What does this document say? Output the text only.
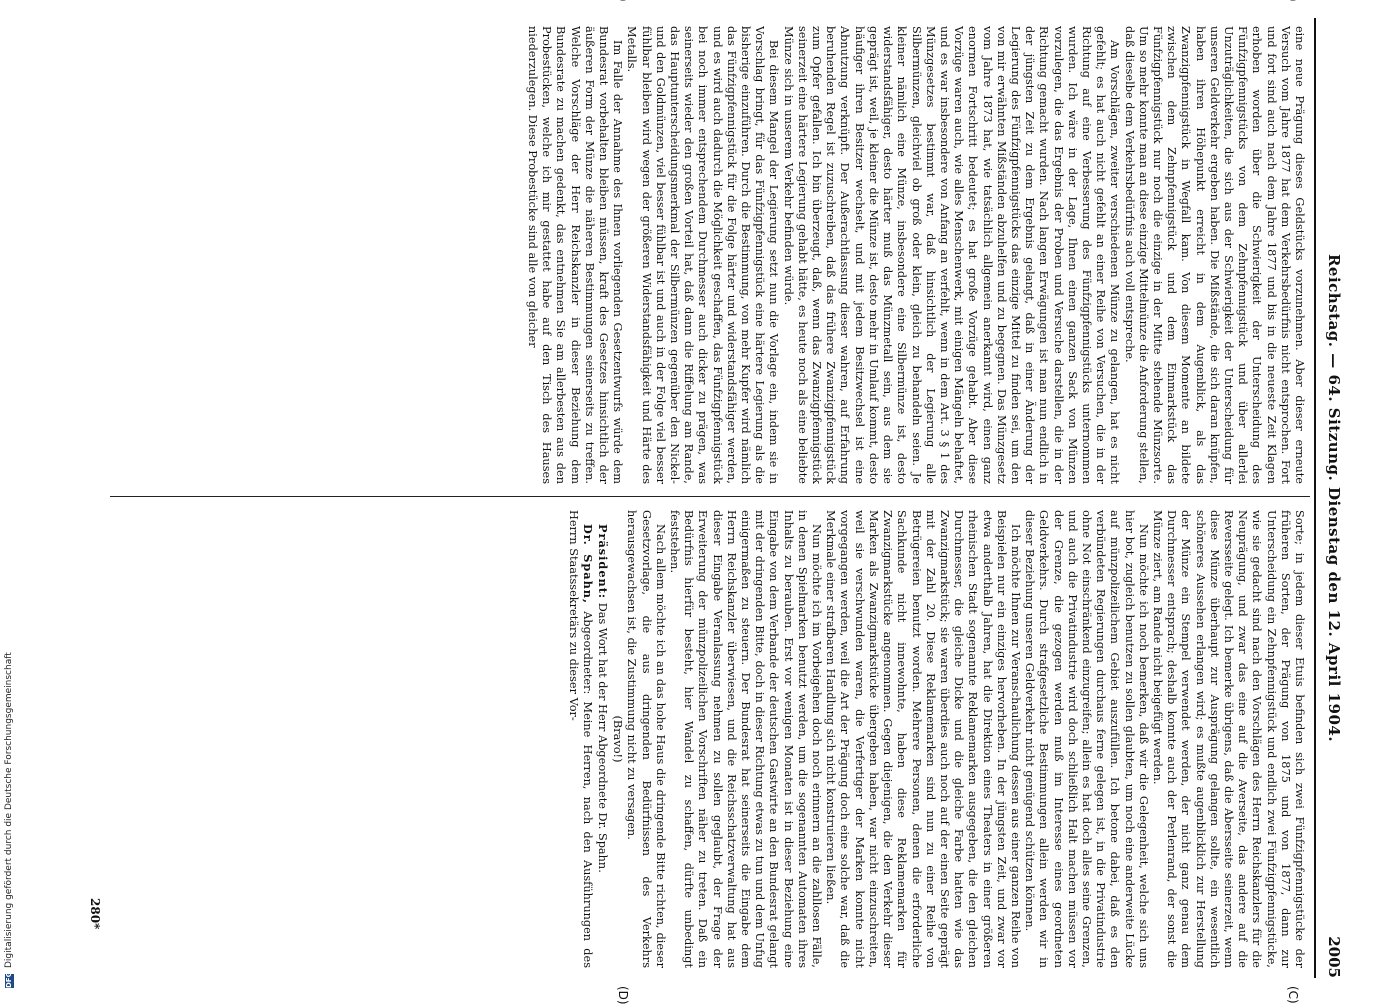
Reichstag. — 64. Sitzung. Dienstag den 12. April 1904.
2005
(C)
(D)

eine neue Prägung dieses Geldstücks vorzunehmen. Aber dieser erneute Versuch vom Jahre 1877 hat dem Verkehrsbedürfnis nicht entsprochen. Fort und fort sind auch nach dem Jahre 1877 und bis in die neueste Zeit Klagen erhoben worden über die Schwierigkeit der Unterscheidung des Fünfzigpfennigstücks von dem Zehnpfennigstück und über allerlei Unzuträglichkeiten, die sich aus der Schwierigkeit der Unterscheidung für unseren Geldverkehr ergeben haben. Die Mißstände, die sich daran knüpfen, haben ihren Höhepunkt erreicht in dem Augenblick, als das Zwanzigpfennigstück in Wegfall kam. Von diesem Momente an bildete zwischen dem Zehnpfennigstück und dem Einmarkstück das Fünfzigpfennigstück nur noch die einzige in der Mitte stehende Münzsorte. Um so mehr konnte man an diese einzige Mittelmünze die Anforderung stellen, daß dieselbe dem Verkehrsbedürfnis auch voll entspreche.

Am Vorschlägen, zweiter verschiedenen Münze zu gelangen, hat es nicht gefehlt; es hat auch nicht gefehlt an einer Reihe von Versuchen, die in der Richtung auf eine Verbesserung des Fünfzigpfennigstücks unternommen wurden. Ich wäre in der Lage, Ihnen einen ganzen Sack von Münzen vorzulegen, die das Ergebnis der Proben und Versuche darstellen, die in der Richtung gemacht wurden. Nach langen Erwägungen ist man nun endlich in der jüngsten Zeit zu dem Ergebnis gelangt, daß in einer Änderung der Legierung des Fünfzigpfennigstücks das einzige Mittel zu finden sei, um den von mir erwähnten Mißständen abzuhelfen und zu begegnen. Das Münzgesetz vom Jahre 1873 hat, wie tatsächlich allgemein anerkannt wird, einen ganz enormen Fortschritt bedeutet; es hat große Vorzüge gehabt. Aber diese Vorzüge waren auch, wie alles Menschenwerk, mit einigen Mängeln behaftet, und es war insbesondere von Anfang an verfehlt, wenn in dem Art. 3 § 1 des Münzgesetzes bestimmt war, daß hinsichtlich der Legierung alle Silbermünzen, gleichviel ob groß oder klein, gleich zu behandeln seien. Je kleiner nämlich eine Münze, insbesondere eine Silbermünze ist, desto widerstandsfähiger, desto härter muß das Münzmetall sein, aus dem sie geprägt ist, weil, je kleiner die Münze ist, desto mehr in Umlauf kommt, desto häufiger ihren Besitzer wechselt, und mit jedem Besitzwechsel ist eine Abnutzung verknüpft. Der Außerachtlassung dieser wahren, auf Erfahrung beruhenden Regel ist zuzuschreiben, daß das frühere Zwanzigpfennigstück zum Opfer gefallen. Ich bin überzeugt, daß, wenn das Zwanzigpfennigstück seinerzeit eine härtere Legierung gehabt hätte, es heute noch als eine beliebte Münze sich in unserem Verkehr befinden würde.

Bei diesem Mangel der Legierung setzt nun die Vorlage ein, indem sie in Vorschlag bringt, für das Fünfzigpfennigstück eine härtere Legierung als die bisherige einzuführen. Durch die Bestimmung, von mehr Kupfer wird nämlich das Fünfzigpfennigstück für die Folge härter und widerstandsfähiger werden, und es wird auch dadurch die Möglichkeit geschaffen, das Fünfzigpfennigstück bei noch immer entsprechendem Durchmesser auch dicker zu prägen, was seinerseits wieder den großen Vorteil hat, daß dann die Riffelung am Rande, das Hauptunterscheidungsmerkmal der Silbermünzen gegenüber den Nickel- und den Goldmünzen, viel besser fühlbar ist und auch in der Folge viel besser fühlbar bleiben wird wegen der größeren Widerstandsfähigkeit und Härte des Metalls.

Im Falle der Annahme des Ihnen vorliegenden Gesetzentwurfs würde dem Bundesrat vorbehalten bleiben müssen, kraft des Gesetzes hinsichtlich der äußeren Form der Münze die näheren Bestimmungen seinerseits zu treffen. Welche Vorschläge der Herr Reichskanzler in dieser Beziehung dem Bundesrate zu machen gedenkt, das entnehmen Sie am allerbesten aus den Probestücken, welche ich mir gestattet habe auf den Tisch des Hauses niederzulegen. Diese Probestücke sind alle von gleicher

Sorte; in jedem dieser Etuis befinden sich zwei Fünfzigpfennigstücke der früheren Sorten, der Prägung von 1875 und von 1877, dann zur Unterscheidung ein Zehnpfennigstück und endlich zwei Fünfzigpfennigstücke, wie sie gedacht sind nach den Vorschlägen des Herrn Reichskanzlers für die Neuprägung, und zwar das eine auf die Averseite, das andere auf die Reversseite gelegt. Ich bemerke übrigens, daß die Abersseite seinerzeit, wenn diese Münze überhaupt zur Ausprägung gelangen sollte, ein wesentlich schöneres Aussehen erlangen wird; es mußte augenblicklich zur Herstellung der Münze ein Stempel verwendet werden, der nicht ganz genau dem Durchmesser entsprach; deshalb konnte auch der Perlenrand, der sonst die Münze ziert, am Rande nicht beigefügt werden.

Nun möchte ich noch bemerken, daß wir die Gelegenheit, welche sich uns hier bot, zugleich benutzen zu sollen glaubten, um noch eine anderweite Lücke auf münzpolizeilichem Gebiet auszufüllen. Ich betone dabei, daß es den verbündeten Regierungen durchaus ferne gelegen ist, in die Privatindustrie ohne Not einschränkend einzugreifen; allein es hat doch alles seine Grenzen, und auch die Privatindustrie wird doch schließlich Halt machen müssen vor der Grenze, die gezogen werden muß im Interesse eines geordneten Geldverkehrs. Durch strafgesetzliche Bestimmungen allein werden wir in dieser Beziehung unseren Geldverkehr nicht genügend schützen können.

Ich möchte Ihnen zur Veranschaulichung dessen aus einer ganzen Reihe von Beispielen nur ein einziges hervorheben. In der jüngsten Zeit, und zwar vor etwa anderthalb Jahren, hat die Direktion eines Theaters in einer größeren rheinischen Stadt sogenannte Reklamemarken ausgegeben, die den gleichen Durchmesser, die gleiche Dicke und die gleiche Farbe hatten wie das Zwanzigmarkstück; sie waren überdies auch noch auf der einen Seite geprägt mit der Zahl 20. Diese Reklamemarken sind nun zu einer Reihe von Betrügereien benutzt worden. Mehrere Personen, denen die erforderliche Sachkunde nicht innewohnte, haben diese Reklamemarken für Zwanzigmarkstücke angenommen. Gegen diejenigen, die den Verkehr dieser Marken als Zwanzigmarkstücke übergeben haben, war nicht einzuschreiten, weil sie verschwunden waren, die Verfertiger der Marken konnte nicht vorgegangen werden, weil die Art der Prägung doch eine solche war, daß die Merkmale einer strafbaren Handlung sich nicht konstruieren ließen.

Nun möchte ich im Vorbeigehen doch noch erinnern an die zahllosen Fälle, in denen Spielmarken benutzt werden, um die sogenannten Automaten ihres Inhalts zu berauben. Erst vor wenigen Monaten ist in dieser Beziehung eine Eingabe von dem Verbande der deutschen Gastwirte an den Bundesrat gelangt mit der dringenden Bitte, doch in dieser Richtung etwas zu tun und dem Unfug einigermaßen zu steuern. Der Bundesrat hat seinerseits die Eingabe dem Herrn Reichskanzler überwiesen, und die Reichsschatzverwaltung hat aus dieser Eingabe Veranlassung nehmen zu sollen geglaubt, der Frage der Erweiterung der münzpolizeilichen Vorschriften näher zu treten. Daß ein Bedürfnis hierfür besteht, hier Wandel zu schaffen, dürfte unbedingt feststehen.

Nach allem möchte ich an das hohe Haus die dringende Bitte richten, dieser Gesetzvorlage, die aus dringenden Bedürfnissen des Verkehrs herausgewachsen ist, die Zustimmung nicht zu versagen.

(Bravo!)

Präsident: Das Wort hat der Herr Abgeordnete Dr. Spahn.

Dr. Spahn, Abgeordneter: Meine Herren, nach den Ausführungen des Herrn Staatssekretärs zu dieser Vor-

280*
DFG
Digitalisierung gefördert durch die Deutsche Forschungsgemeinschaft
